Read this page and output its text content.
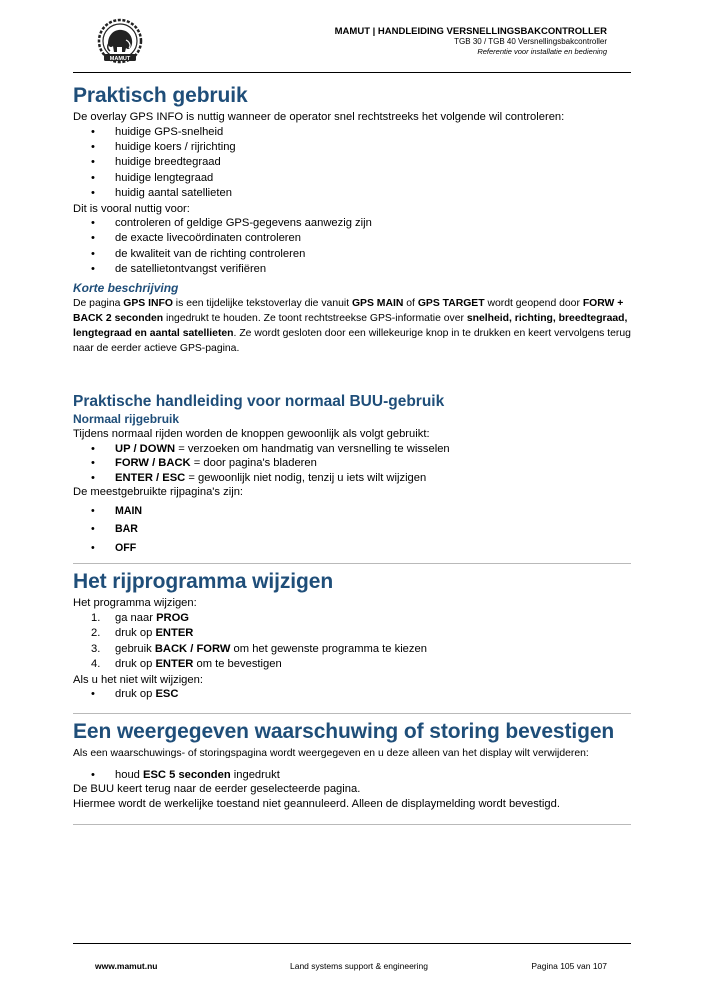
MAMUT
MAMUT | HANDLEIDING VERSNELLINGSBAKCONTROLLER
TGB 30 / TGB 40 Versnellingsbakcontroller
Referentie voor installatie en bediening
Praktisch gebruik

De overlay GPS INFO is nuttig wanneer de operator snel rechtstreeks het volgende wil controleren:

• huidige GPS-snelheid
• huidige koers / rijrichting
• huidige breedtegraad
• huidige lengtegraad
• huidig aantal satellieten

Dit is vooral nuttig voor:

• controleren of geldige GPS-gegevens aanwezig zijn
• de exacte livecoördinaten controleren
• de kwaliteit van de richting controleren
• de satellietontvangst verifiëren
Korte beschrijving

De pagina GPS INFO is een tijdelijke tekstoverlay die vanuit GPS MAIN of GPS TARGET wordt geopend door FORW + BACK 2 seconden ingedrukt te houden. Ze toont rechtstreekse GPS-informatie over snelheid, richting, breedtegraad, lengtegraad en aantal satellieten. Ze wordt gesloten door een willekeurige knop in te drukken en keert vervolgens terug naar de eerder actieve GPS-pagina.

Praktische handleiding voor normaal BUU-gebruik
Normaal rijgebruik

Tijdens normaal rijden worden de knoppen gewoonlijk als volgt gebruikt:

• UP / DOWN = verzoeken om handmatig van versnelling te wisselen
• FORW / BACK = door pagina's bladeren
• ENTER / ESC = gewoonlijk niet nodig, tenzij u iets wilt wijzigen

De meestgebruikte rijpagina's zijn:

• MAIN
• BAR
• OFF
Het rijprogramma wijzigen

Het programma wijzigen:

1. ga naar PROG
2. druk op ENTER
3. gebruik BACK / FORW om het gewenste programma te kiezen
4. druk op ENTER om te bevestigen

Als u het niet wilt wijzigen:

• druk op ESC
Een weergegeven waarschuwing of storing bevestigen

Als een waarschuwings- of storingspagina wordt weergegeven en u deze alleen van het display wilt verwijderen:

• houd ESC 5 seconden ingedrukt

De BUU keert terug naar de eerder geselecteerde pagina.

Hiermee wordt de werkelijke toestand niet geannuleerd. Alleen de displaymelding wordt bevestigd.

www.mamut.nu	Land systems support & engineering	Pagina 105 van 107
